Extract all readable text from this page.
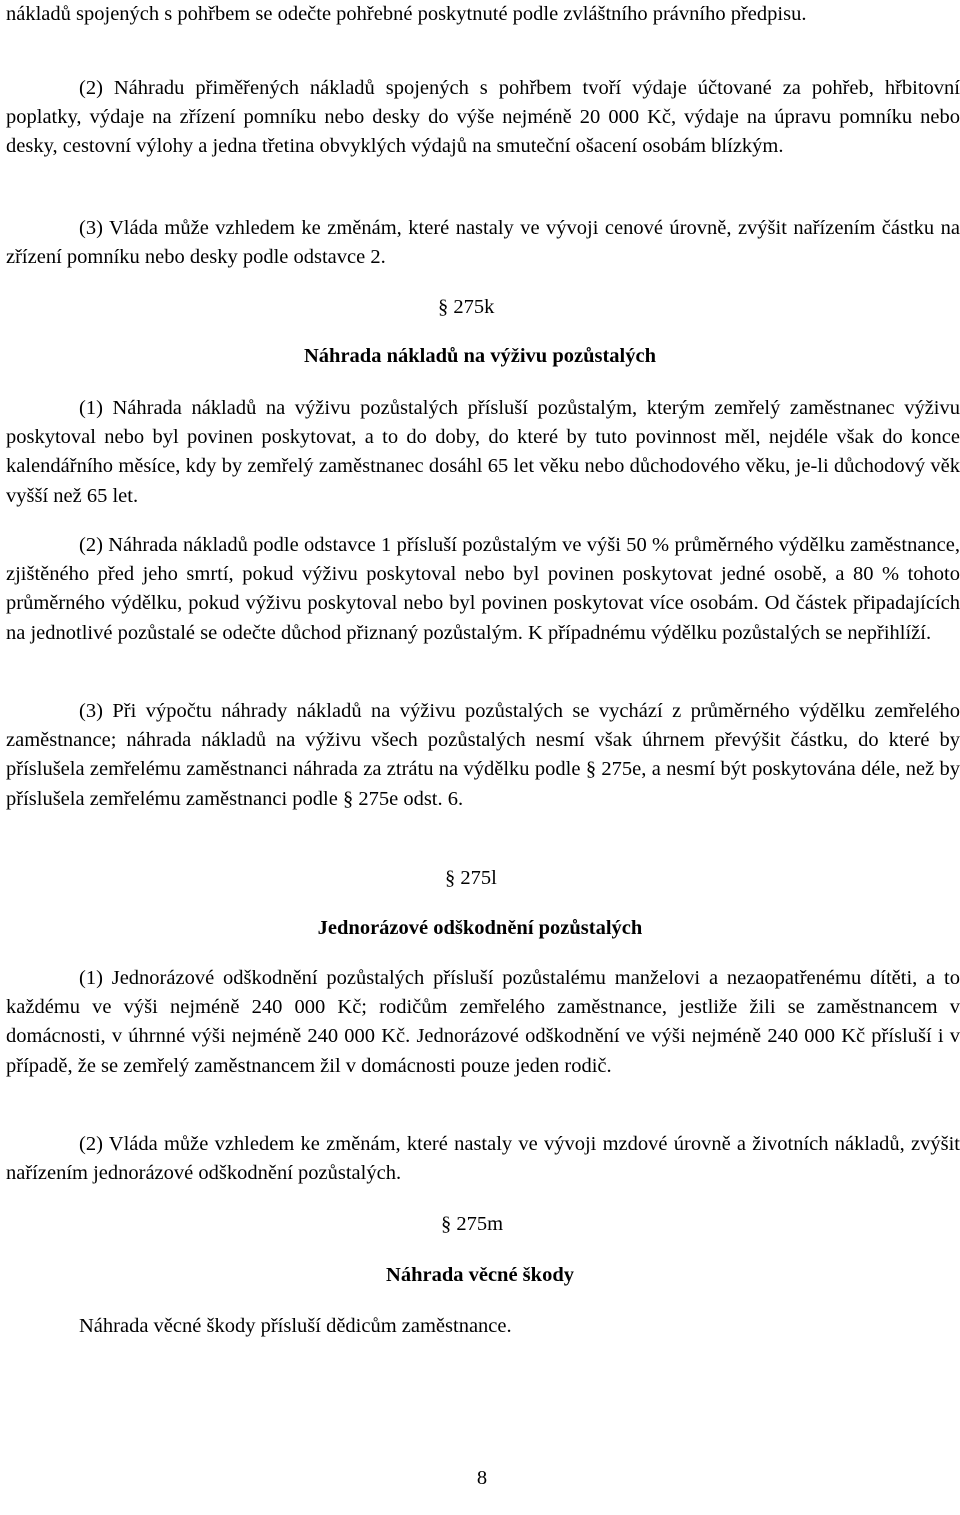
nákladů spojených s pohřbem se odečte pohřebné poskytnuté podle zvláštního právního předpisu.

(2) Náhradu přiměřených nákladů spojených s pohřbem tvoří výdaje účtované za pohřeb, hřbitovní poplatky, výdaje na zřízení pomníku nebo desky do výše nejméně 20 000 Kč, výdaje na úpravu pomníku nebo desky, cestovní výlohy a jedna třetina obvyklých výdajů na smuteční ošacení osobám blízkým.

(3) Vláda může vzhledem ke změnám, které nastaly ve vývoji cenové úrovně, zvýšit nařízením částku na zřízení pomníku nebo desky podle odstavce 2.

§ 275k

Náhrada nákladů na výživu pozůstalých

(1) Náhrada nákladů na výživu pozůstalých přísluší pozůstalým, kterým zemřelý zaměstnanec výživu poskytoval nebo byl povinen poskytovat, a to do doby, do které by tuto povinnost měl, nejdéle však do konce kalendářního měsíce, kdy by zemřelý zaměstnanec dosáhl 65 let věku nebo důchodového věku, je-li důchodový věk vyšší než 65 let.

(2) Náhrada nákladů podle odstavce 1 přísluší pozůstalým ve výši 50 % průměrného výdělku zaměstnance, zjištěného před jeho smrtí, pokud výživu poskytoval nebo byl povinen poskytovat jedné osobě, a 80 % tohoto průměrného výdělku, pokud výživu poskytoval nebo byl povinen poskytovat více osobám. Od částek připadajících na jednotlivé pozůstalé se odečte důchod přiznaný pozůstalým. K případnému výdělku pozůstalých se nepřihlíží.

(3) Při výpočtu náhrady nákladů na výživu pozůstalých se vychází z průměrného výdělku zemřelého zaměstnance; náhrada nákladů na výživu všech pozůstalých nesmí však úhrnem převýšit částku, do které by příslušela zemřelému zaměstnanci náhrada za ztrátu na výdělku podle § 275e, a nesmí být poskytována déle, než by příslušela zemřelému zaměstnanci podle § 275e odst. 6.

§ 275l

Jednorázové odškodnění pozůstalých

(1) Jednorázové odškodnění pozůstalých přísluší pozůstalému manželovi a nezaopatřenému dítěti, a to každému ve výši nejméně 240 000 Kč; rodičům zemřelého zaměstnance, jestliže žili se zaměstnancem v domácnosti, v úhrnné výši nejméně 240 000 Kč. Jednorázové odškodnění ve výši nejméně 240 000 Kč přísluší i v případě, že se zemřelý zaměstnancem žil v domácnosti pouze jeden rodič.

(2) Vláda může vzhledem ke změnám, které nastaly ve vývoji mzdové úrovně a životních nákladů, zvýšit nařízením jednorázové odškodnění pozůstalých.

§ 275m

Náhrada věcné škody

Náhrada věcné škody přísluší dědicům zaměstnance.

8
